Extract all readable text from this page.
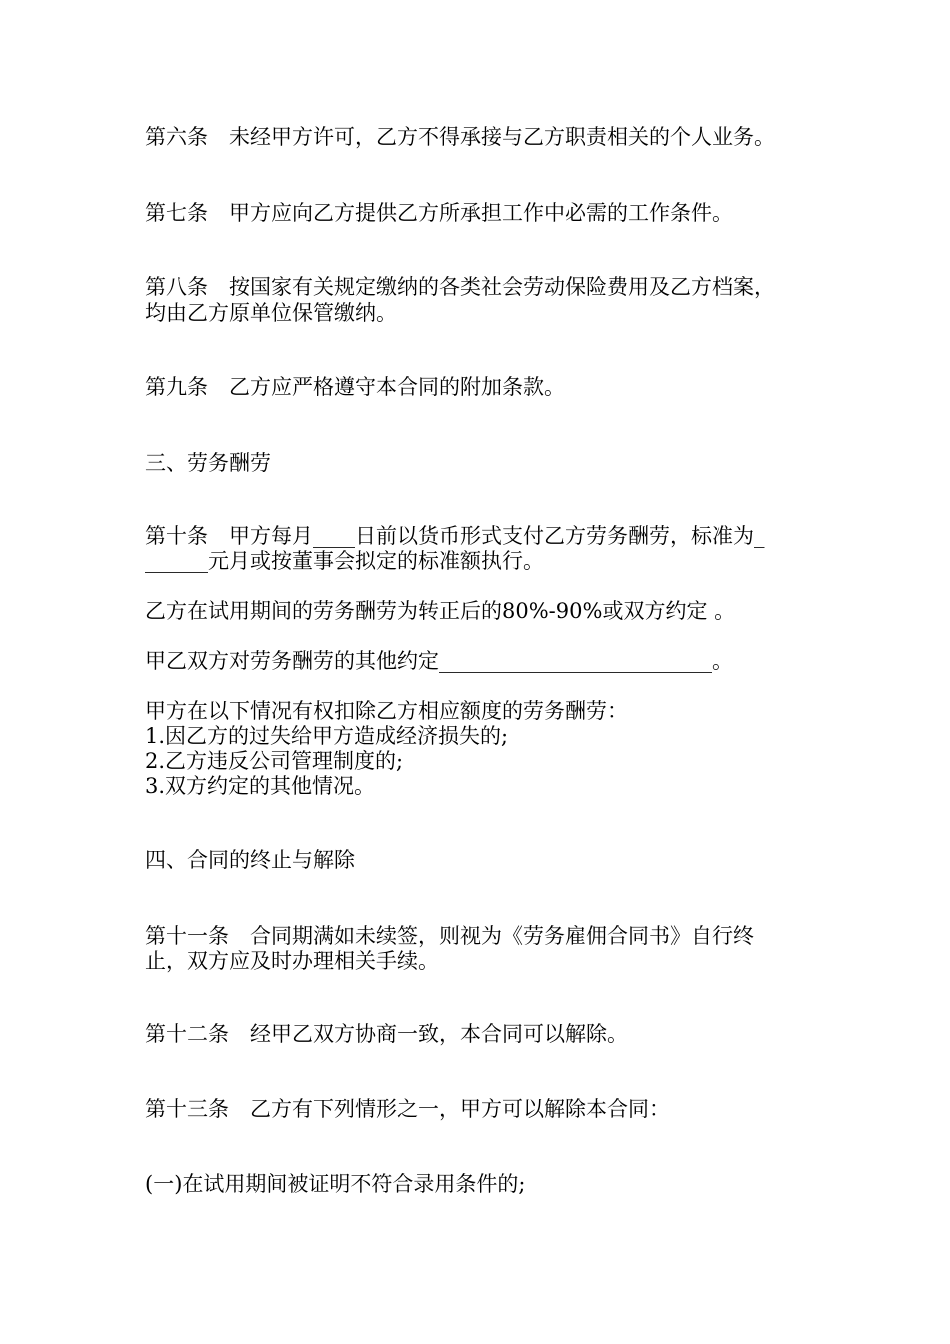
第六条　未经甲方许可，乙方不得承接与乙方职责相关的个人业务。
第七条　甲方应向乙方提供乙方所承担工作中必需的工作条件。
第八条　按国家有关规定缴纳的各类社会劳动保险费用及乙方档案，
均由乙方原单位保管缴纳。
第九条　乙方应严格遵守本合同的附加条款。
三、劳务酬劳
第十条　甲方每月____日前以货币形式支付乙方劳务酬劳，标准为_
______元月或按董事会拟定的标准额执行。
乙方在试用期间的劳务酬劳为转正后的80%-90%或双方约定 。
甲乙双方对劳务酬劳的其他约定__________________________。
甲方在以下情况有权扣除乙方相应额度的劳务酬劳：
1.因乙方的过失给甲方造成经济损失的;
2.乙方违反公司管理制度的;
3.双方约定的其他情况。
四、合同的终止与解除
第十一条　合同期满如未续签，则视为《劳务雇佣合同书》自行终
止，双方应及时办理相关手续。
第十二条　经甲乙双方协商一致，本合同可以解除。
第十三条　乙方有下列情形之一，甲方可以解除本合同：
(一)在试用期间被证明不符合录用条件的;
